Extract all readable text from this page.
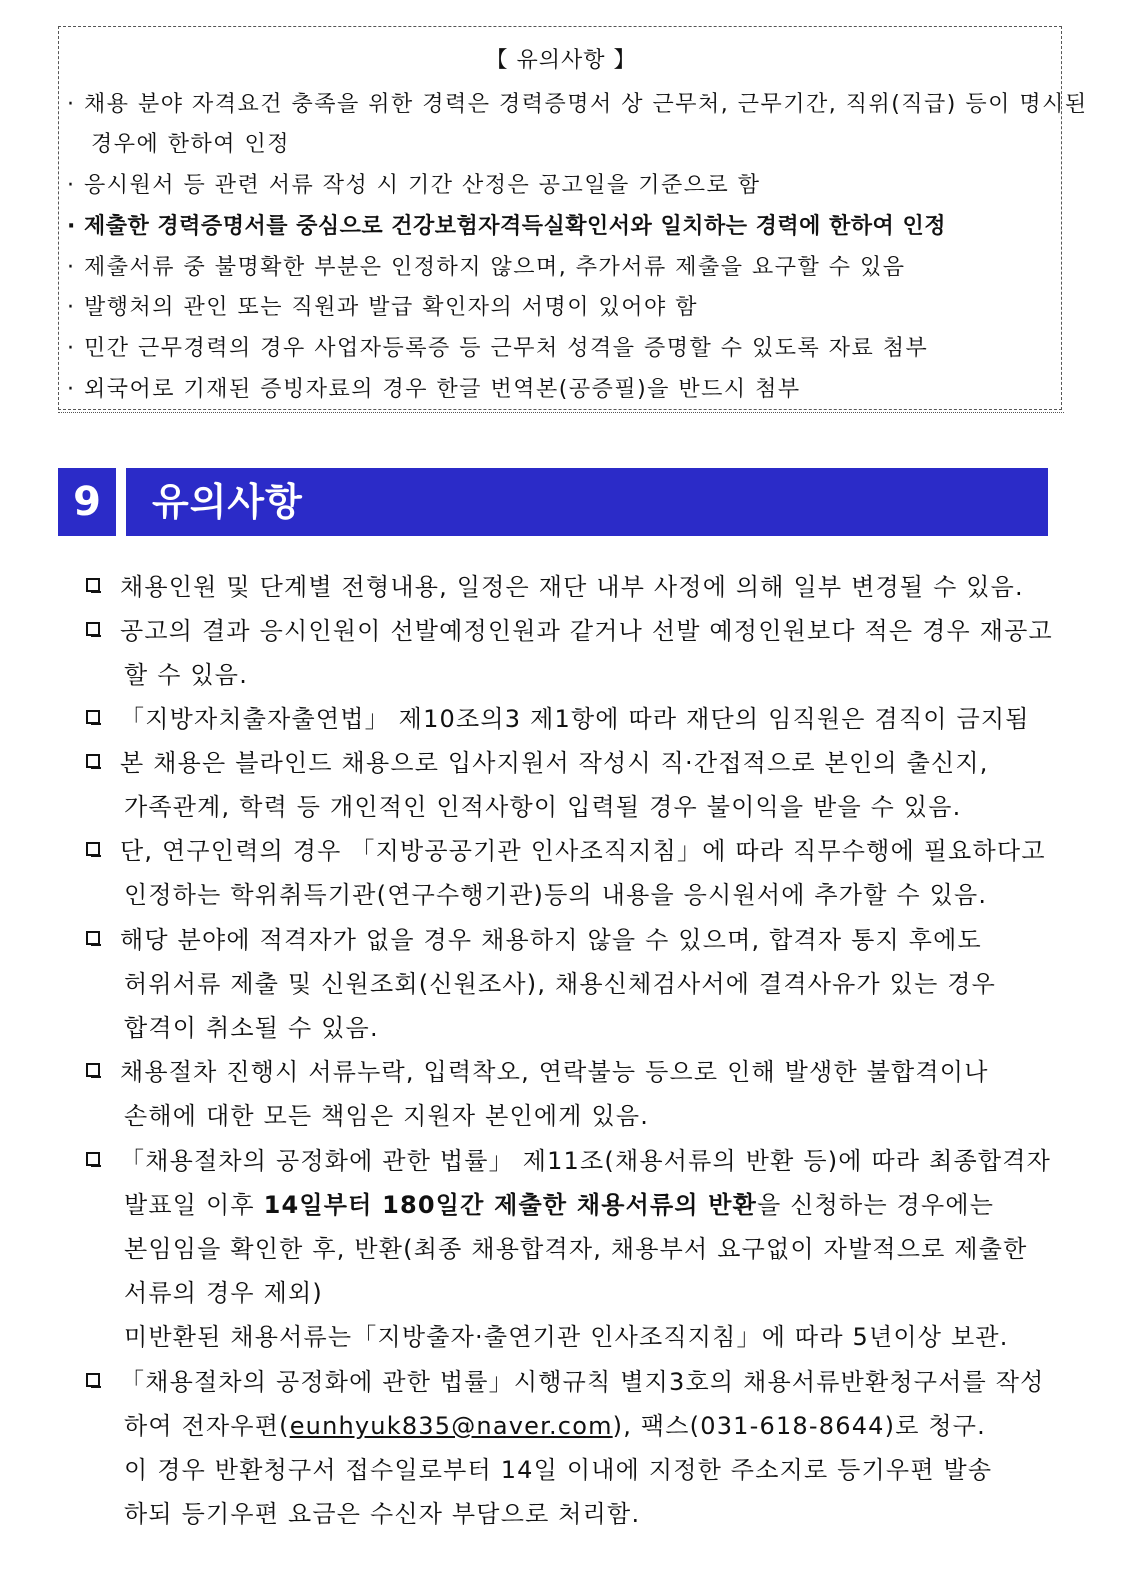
【 유의사항 】
· 채용 분야 자격요건 충족을 위한 경력은 경력증명서 상 근무처, 근무기간, 직위(직급) 등이 명시된
경우에 한하여 인정
· 응시원서 등 관련 서류 작성 시 기간 산정은 공고일을 기준으로 함
· 제출한 경력증명서를 중심으로 건강보험자격득실확인서와 일치하는 경력에 한하여 인정
· 제출서류 중 불명확한 부분은 인정하지 않으며, 추가서류 제출을 요구할 수 있음
· 발행처의 관인 또는 직원과 발급 확인자의 서명이 있어야 함
· 민간 근무경력의 경우 사업자등록증 등 근무처 성격을 증명할 수 있도록 자료 첨부
· 외국어로 기재된 증빙자료의 경우 한글 번역본(공증필)을 반드시 첨부
9	유의사항
채용인원 및 단계별 전형내용, 일정은 재단 내부 사정에 의해 일부 변경될 수 있음.
공고의 결과 응시인원이 선발예정인원과 같거나 선발 예정인원보다 적은 경우 재공고
할 수 있음.
「지방자치출자출연법」 제10조의3 제1항에 따라 재단의 임직원은 겸직이 금지됨
본 채용은 블라인드 채용으로 입사지원서 작성시 직·간접적으로 본인의 출신지,
가족관계, 학력 등 개인적인 인적사항이 입력될 경우 불이익을 받을 수 있음.
단, 연구인력의 경우 「지방공공기관 인사조직지침」에 따라 직무수행에 필요하다고
인정하는 학위취득기관(연구수행기관)등의 내용을 응시원서에 추가할 수 있음.
해당 분야에 적격자가 없을 경우 채용하지 않을 수 있으며, 합격자 통지 후에도
허위서류 제출 및 신원조회(신원조사), 채용신체검사서에 결격사유가 있는 경우
합격이 취소될 수 있음.
채용절차 진행시 서류누락, 입력착오, 연락불능 등으로 인해 발생한 불합격이나
손해에 대한 모든 책임은 지원자 본인에게 있음.
「채용절차의 공정화에 관한 법률」 제11조(채용서류의 반환 등)에 따라 최종합격자
발표일 이후 14일부터 180일간 제출한 채용서류의 반환을 신청하는 경우에는
본임임을 확인한 후, 반환(최종 채용합격자, 채용부서 요구없이 자발적으로 제출한
서류의 경우 제외)
미반환된 채용서류는「지방출자·출연기관 인사조직지침」에 따라 5년이상 보관.
「채용절차의 공정화에 관한 법률」시행규칙 별지3호의 채용서류반환청구서를 작성
하여 전자우편(eunhyuk835@naver.com), 팩스(031-618-8644)로 청구.
이 경우 반환청구서 접수일로부터 14일 이내에 지정한 주소지로 등기우편 발송
하되 등기우편 요금은 수신자 부담으로 처리함.
